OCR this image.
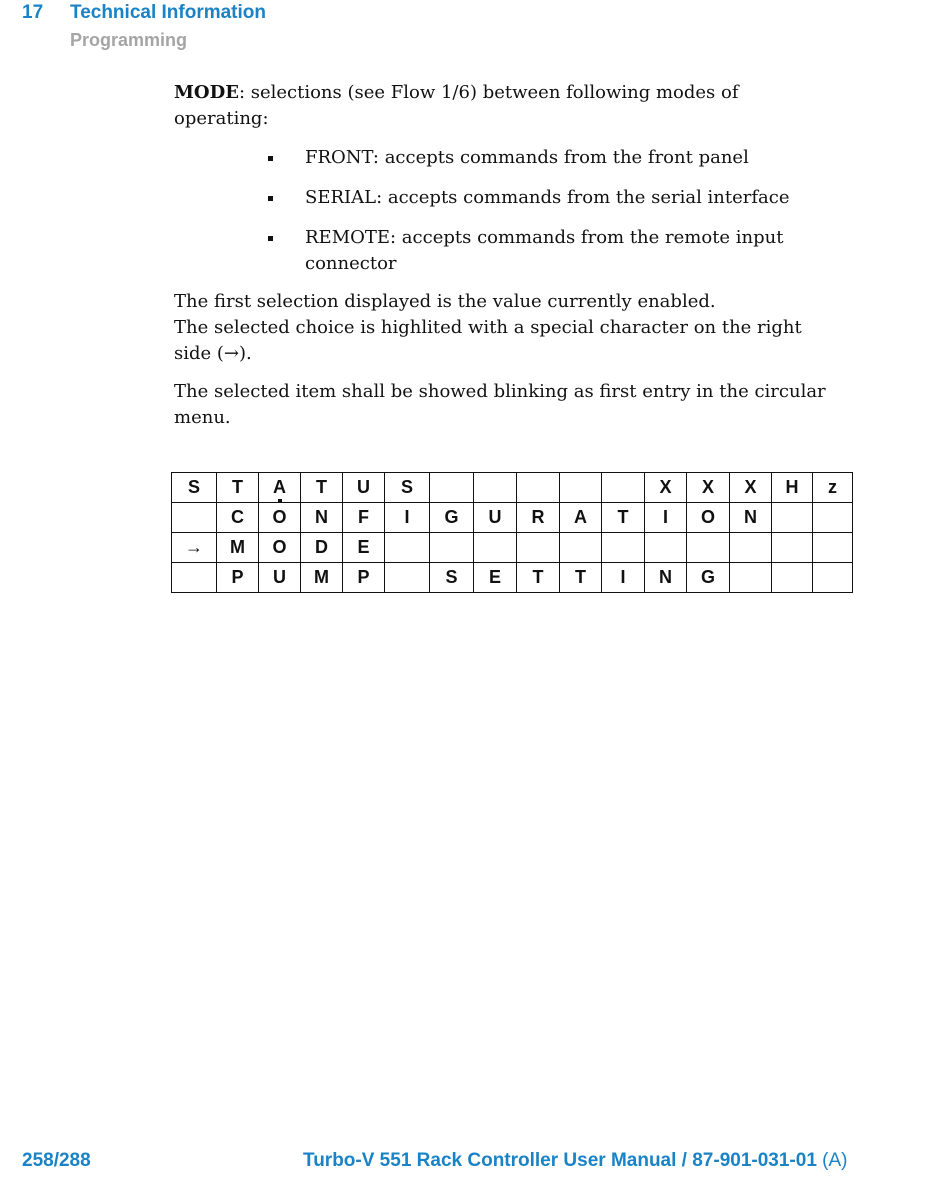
17 Technical Information
Programming

MODE: selections (see Flow 1/6) between following modes of operating:

FRONT: accepts commands from the front panel
SERIAL: accepts commands from the serial interface
REMOTE: accepts commands from the remote input connector

The first selection displayed is the value currently enabled.

The selected choice is highlited with a special character on the right side (→).

The selected item shall be showed blinking as first entry in the circular menu.

S	T	A	T	U	S						X	X	X	H	z
	C	O	N	F	I	G	U	R	A	T	I	O	N		
→	M	O	D	E											
	P	U	M	P		S	E	T	T	I	N	G			
258/288	Turbo-V 551 Rack Controller User Manual / 87-901-031-01 (A)
